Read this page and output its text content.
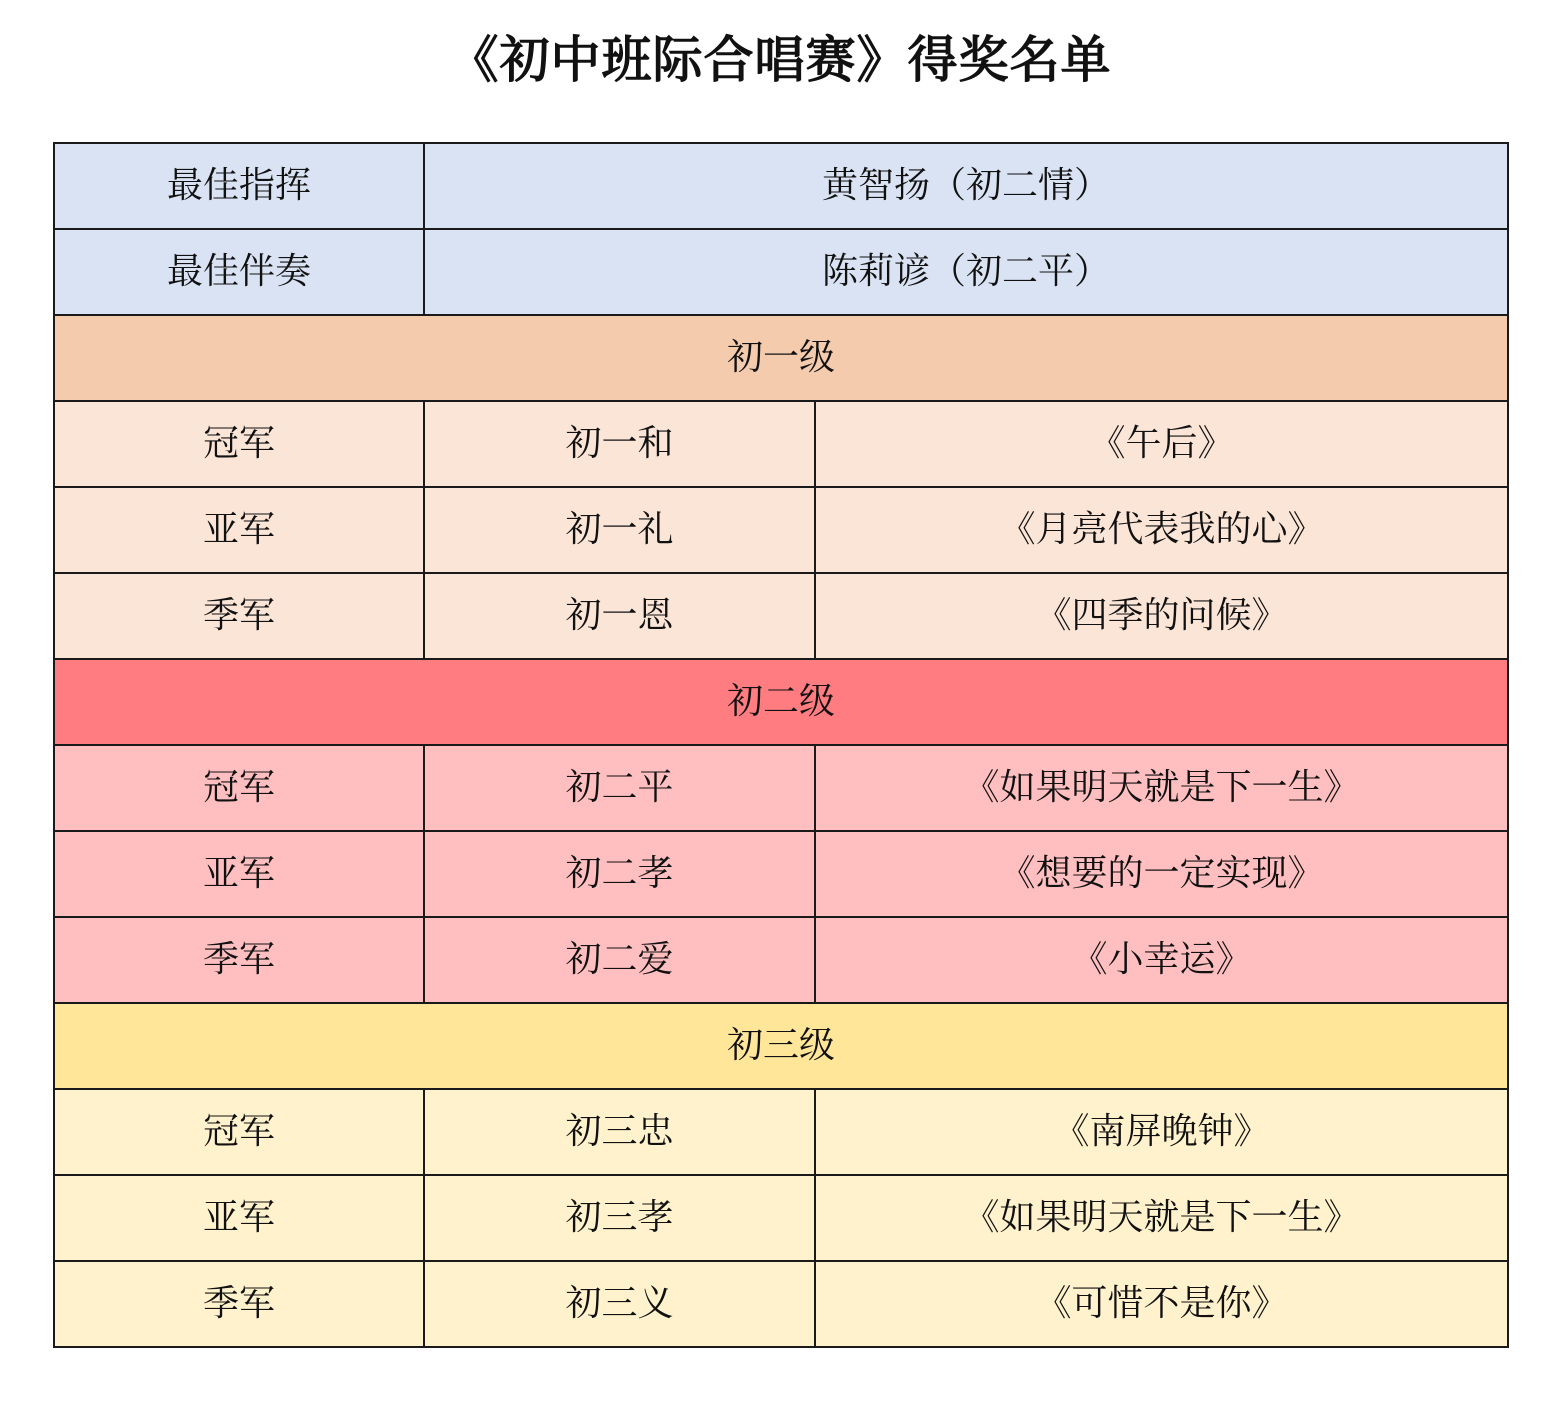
《初中班际合唱赛》得奖名单
最佳指挥	黄智扬（初二情）	
最佳伴奏	陈莉谚（初二平）	
初一级		
冠军	初一和	《午后》
亚军	初一礼	《月亮代表我的心》
季军	初一恩	《四季的问候》
初二级		
冠军	初二平	《如果明天就是下一生》
亚军	初二孝	《想要的一定实现》
季军	初二爱	《小幸运》
初三级		
冠军	初三忠	《南屏晚钟》
亚军	初三孝	《如果明天就是下一生》
季军	初三义	《可惜不是你》
